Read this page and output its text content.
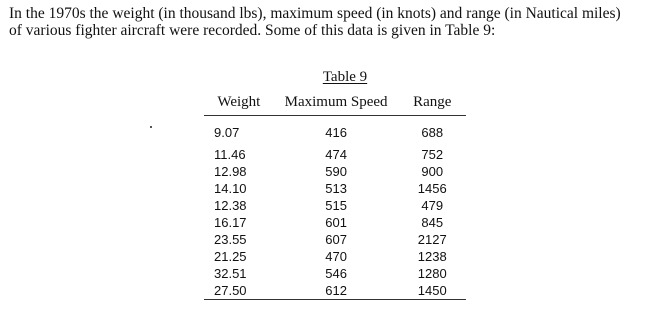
In the 1970s the weight (in thousand lbs), maximum speed (in knots) and range (in Nautical miles)
of various fighter aircraft were recorded. Some of this data is given in Table 9:
Table 9
Weight	Maximum Speed	Range
9.07	416	688
11.46	474	752
12.98	590	900
14.10	513	1456
12.38	515	479
16.17	601	845
23.55	607	2127
21.25	470	1238
32.51	546	1280
27.50	612	1450
